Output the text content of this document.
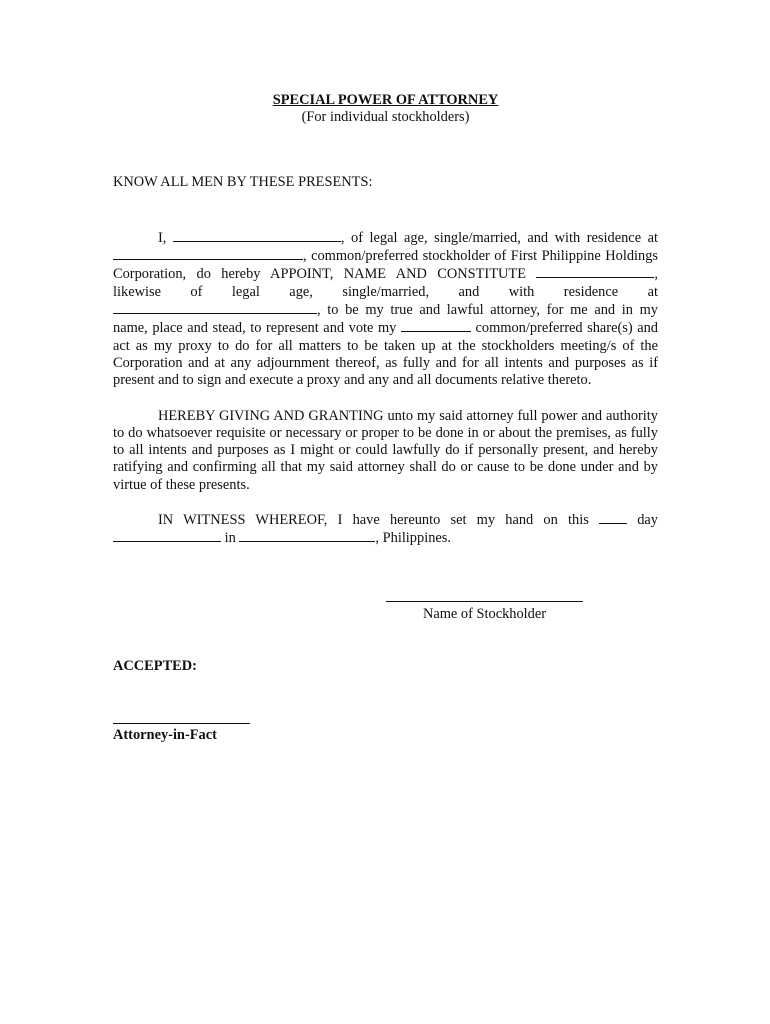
SPECIAL POWER OF ATTORNEY

(For individual stockholders)

KNOW ALL MEN BY THESE PRESENTS:

I,	, of legal age, single/married, and with residence at , common/preferred stockholder of First Philippine Holdings Corporation, do hereby APPOINT, NAME AND CONSTITUTE	, likewise of legal age, single/married, and with residence at , to be my true and lawful attorney, for me and in my name, place and stead, to represent and vote my	common/preferred share(s) and act as my proxy to do for all matters to be taken up at the stockholders meeting/s of the Corporation and at any adjournment thereof, as fully and for all intents and purposes as if present and to sign and execute a proxy and any and all documents relative thereto.

HEREBY GIVING AND GRANTING unto my said attorney full power and authority to do whatsoever requisite or necessary or proper to be done in or about the premises, as fully to all intents and purposes as I might or could lawfully do if personally present, and hereby ratifying and confirming all that my said attorney shall do or cause to be done under and by virtue of these presents.

IN WITNESS WHEREOF, I have hereunto set my hand on this	day  in	, Philippines.

Name of Stockholder

ACCEPTED:

Attorney-in-Fact
